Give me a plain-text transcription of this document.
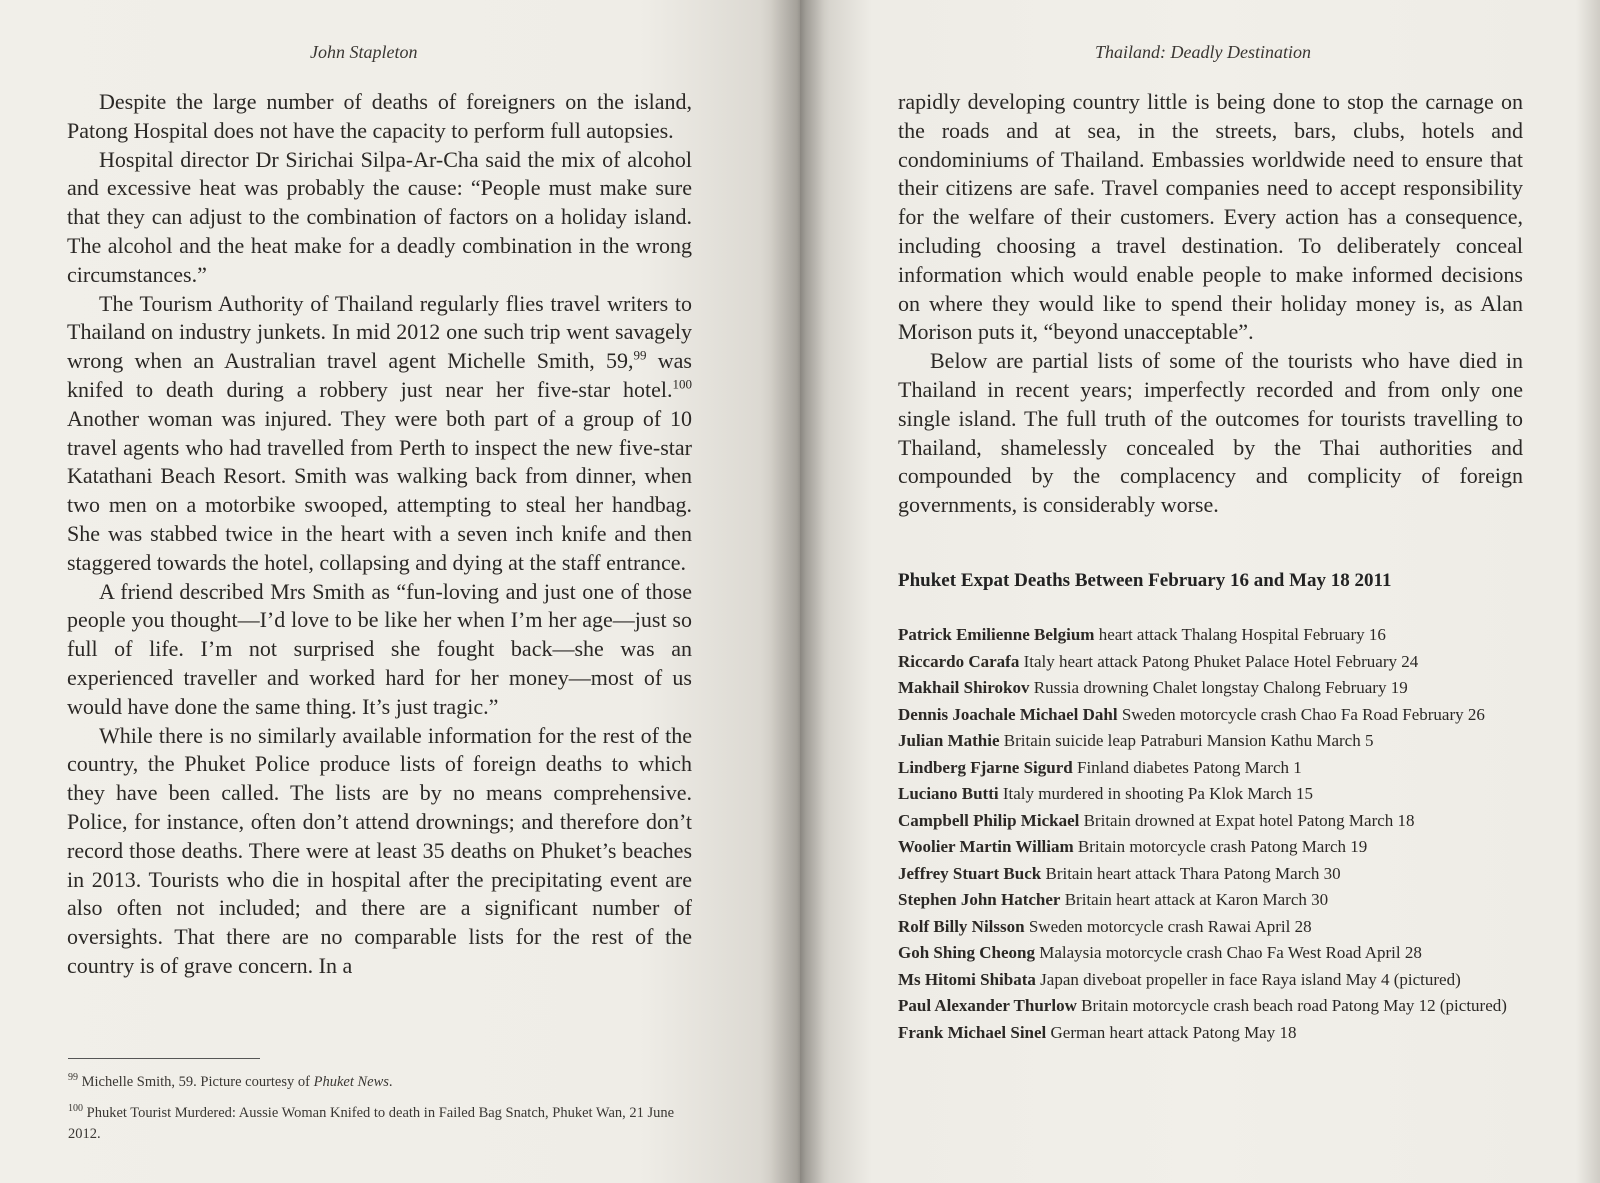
John Stapleton

Despite the large number of deaths of foreigners on the island, Patong Hospital does not have the capacity to perform full autopsies.

Hospital director Dr Sirichai Silpa-Ar-Cha said the mix of alcohol and excessive heat was probably the cause: “People must make sure that they can adjust to the combination of factors on a holiday island. The alcohol and the heat make for a deadly combination in the wrong circumstances.”

The Tourism Authority of Thailand regularly flies travel writers to Thailand on industry junkets. In mid 2012 one such trip went savagely wrong when an Australian travel agent Michelle Smith, 59,99 was knifed to death during a robbery just near her five-star hotel.$^{100}$ Another woman was injured. They were both part of a group of 10 travel agents who had travelled from Perth to inspect the new five-star Katathani Beach Resort. Smith was walking back from dinner, when two men on a motorbike swooped, attempting to steal her handbag. She was stabbed twice in the heart with a seven inch knife and then staggered towards the hotel, collapsing and dying at the staff entrance.

A friend described Mrs Smith as “fun-loving and just one of those people you thought—I’d love to be like her when I’m her age—just so full of life. I’m not surprised she fought back—she was an experienced traveller and worked hard for her money—most of us would have done the same thing. It’s just tragic.”

While there is no similarly available information for the rest of the country, the Phuket Police produce lists of foreign deaths to which they have been called. The lists are by no means comprehensive. Police, for instance, often don’t attend drownings; and therefore don’t record those deaths. There were at least 35 deaths on Phuket’s beaches in 2013. Tourists who die in hospital after the precipitating event are also often not included; and there are a significant number of oversights. That there are no comparable lists for the rest of the country is of grave concern. In a

$^{99}$ Michelle Smith, 59. Picture courtesy of Phuket News.

$^{100}$ Phuket Tourist Murdered: Aussie Woman Knifed to death in Failed Bag Snatch, Phuket Wan, 21 June 2012.

Thailand: Deadly Destination

rapidly developing country little is being done to stop the carnage on the roads and at sea, in the streets, bars, clubs, hotels and condominiums of Thailand. Embassies worldwide need to ensure that their citizens are safe. Travel companies need to accept responsibility for the welfare of their customers. Every action has a consequence, including choosing a travel destination. To deliberately conceal information which would enable people to make informed decisions on where they would like to spend their holiday money is, as Alan Morison puts it, “beyond unacceptable”.

Below are partial lists of some of the tourists who have died in Thailand in recent years; imperfectly recorded and from only one single island. The full truth of the outcomes for tourists travelling to Thailand, shamelessly concealed by the Thai authorities and compounded by the complacency and complicity of foreign governments, is considerably worse.

Phuket Expat Deaths Between February 16 and May 18 2011

Patrick Emilienne Belgium heart attack Thalang Hospital February 16

Riccardo Carafa Italy heart attack Patong Phuket Palace Hotel February 24

Makhail Shirokov Russia drowning Chalet longstay Chalong February 19

Dennis Joachale Michael Dahl Sweden motorcycle crash Chao Fa Road February 26

Julian Mathie Britain suicide leap Patraburi Mansion Kathu March 5

Lindberg Fjarne Sigurd Finland diabetes Patong March 1

Luciano Butti Italy murdered in shooting Pa Klok March 15

Campbell Philip Mickael Britain drowned at Expat hotel Patong March 18

Woolier Martin William Britain motorcycle crash Patong March 19

Jeffrey Stuart Buck Britain heart attack Thara Patong March 30

Stephen John Hatcher Britain heart attack at Karon March 30

Rolf Billy Nilsson Sweden motorcycle crash Rawai April 28

Goh Shing Cheong Malaysia motorcycle crash Chao Fa West Road April 28

Ms Hitomi Shibata Japan diveboat propeller in face Raya island May 4 (pictured)

Paul Alexander Thurlow Britain motorcycle crash beach road Patong May 12 (pictured)

Frank Michael Sinel German heart attack Patong May 18
